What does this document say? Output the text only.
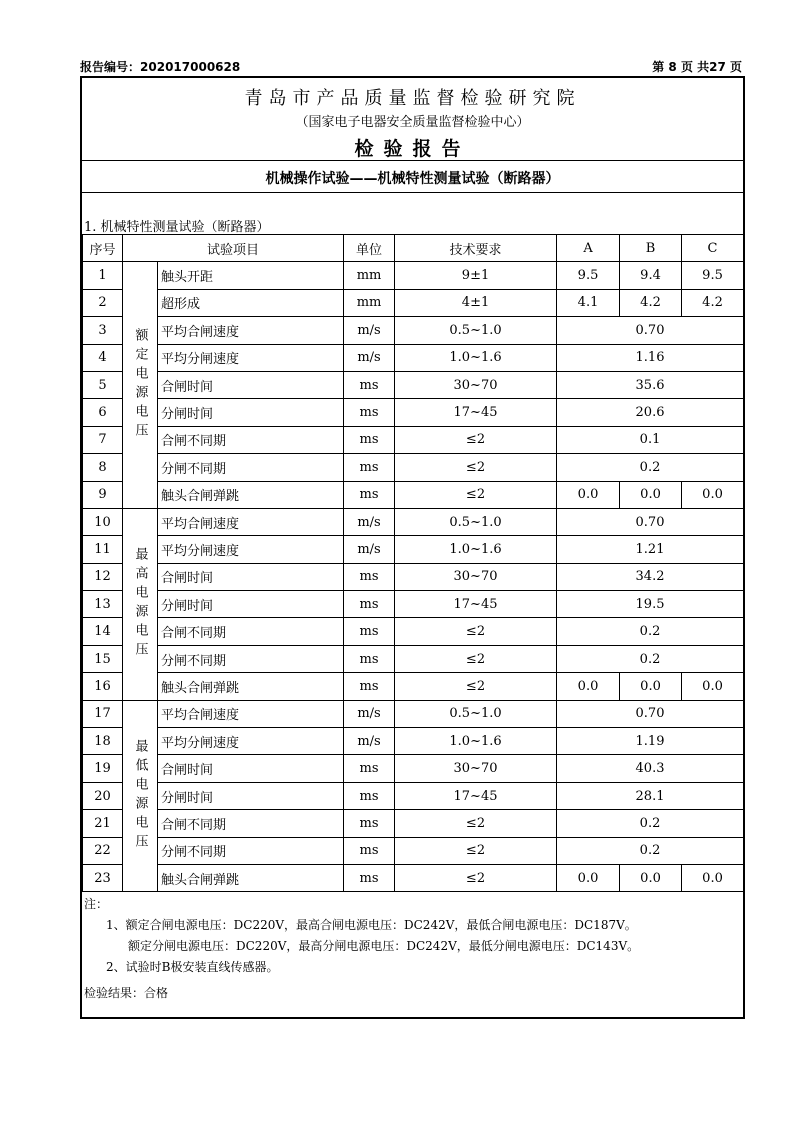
报告编号：202017000628	第 8 页 共27 页
青岛市产品质量监督检验研究院
（国家电子电器安全质量监督检验中心）
检验报告
机械操作试验——机械特性测量试验（断路器）
1. 机械特性测量试验（断路器）
序号	试验项目		单位	技术要求	A	B	C
1	额定电源电压	触头开距	mm	9±1	9.5	9.4	9.5
2		超形成	mm	4±1	4.1	4.2	4.2
3		平均合闸速度	m/s	0.5~1.0	0.70		
4		平均分闸速度	m/s	1.0~1.6	1.16		
5		合闸时间	ms	30~70	35.6		
6		分闸时间	ms	17~45	20.6		
7		合闸不同期	ms	≤2	0.1		
8		分闸不同期	ms	≤2	0.2		
9		触头合闸弹跳	ms	≤2	0.0	0.0	0.0
10	最高电源电压	平均合闸速度	m/s	0.5~1.0	0.70		
11		平均分闸速度	m/s	1.0~1.6	1.21		
12		合闸时间	ms	30~70	34.2		
13		分闸时间	ms	17~45	19.5		
14		合闸不同期	ms	≤2	0.2		
15		分闸不同期	ms	≤2	0.2		
16		触头合闸弹跳	ms	≤2	0.0	0.0	0.0
17	最低电源电压	平均合闸速度	m/s	0.5~1.0	0.70		
18		平均分闸速度	m/s	1.0~1.6	1.19		
19		合闸时间	ms	30~70	40.3		
20		分闸时间	ms	17~45	28.1		
21		合闸不同期	ms	≤2	0.2		
22		分闸不同期	ms	≤2	0.2		
23		触头合闸弹跳	ms	≤2	0.0	0.0	0.0
注：
1、额定合闸电源电压：DC220V，最高合闸电源电压：DC242V，最低合闸电源电压：DC187V。
额定分闸电源电压：DC220V，最高分闸电源电压：DC242V，最低分闸电源电压：DC143V。
2、试验时B极安装直线传感器。
检验结果：合格
